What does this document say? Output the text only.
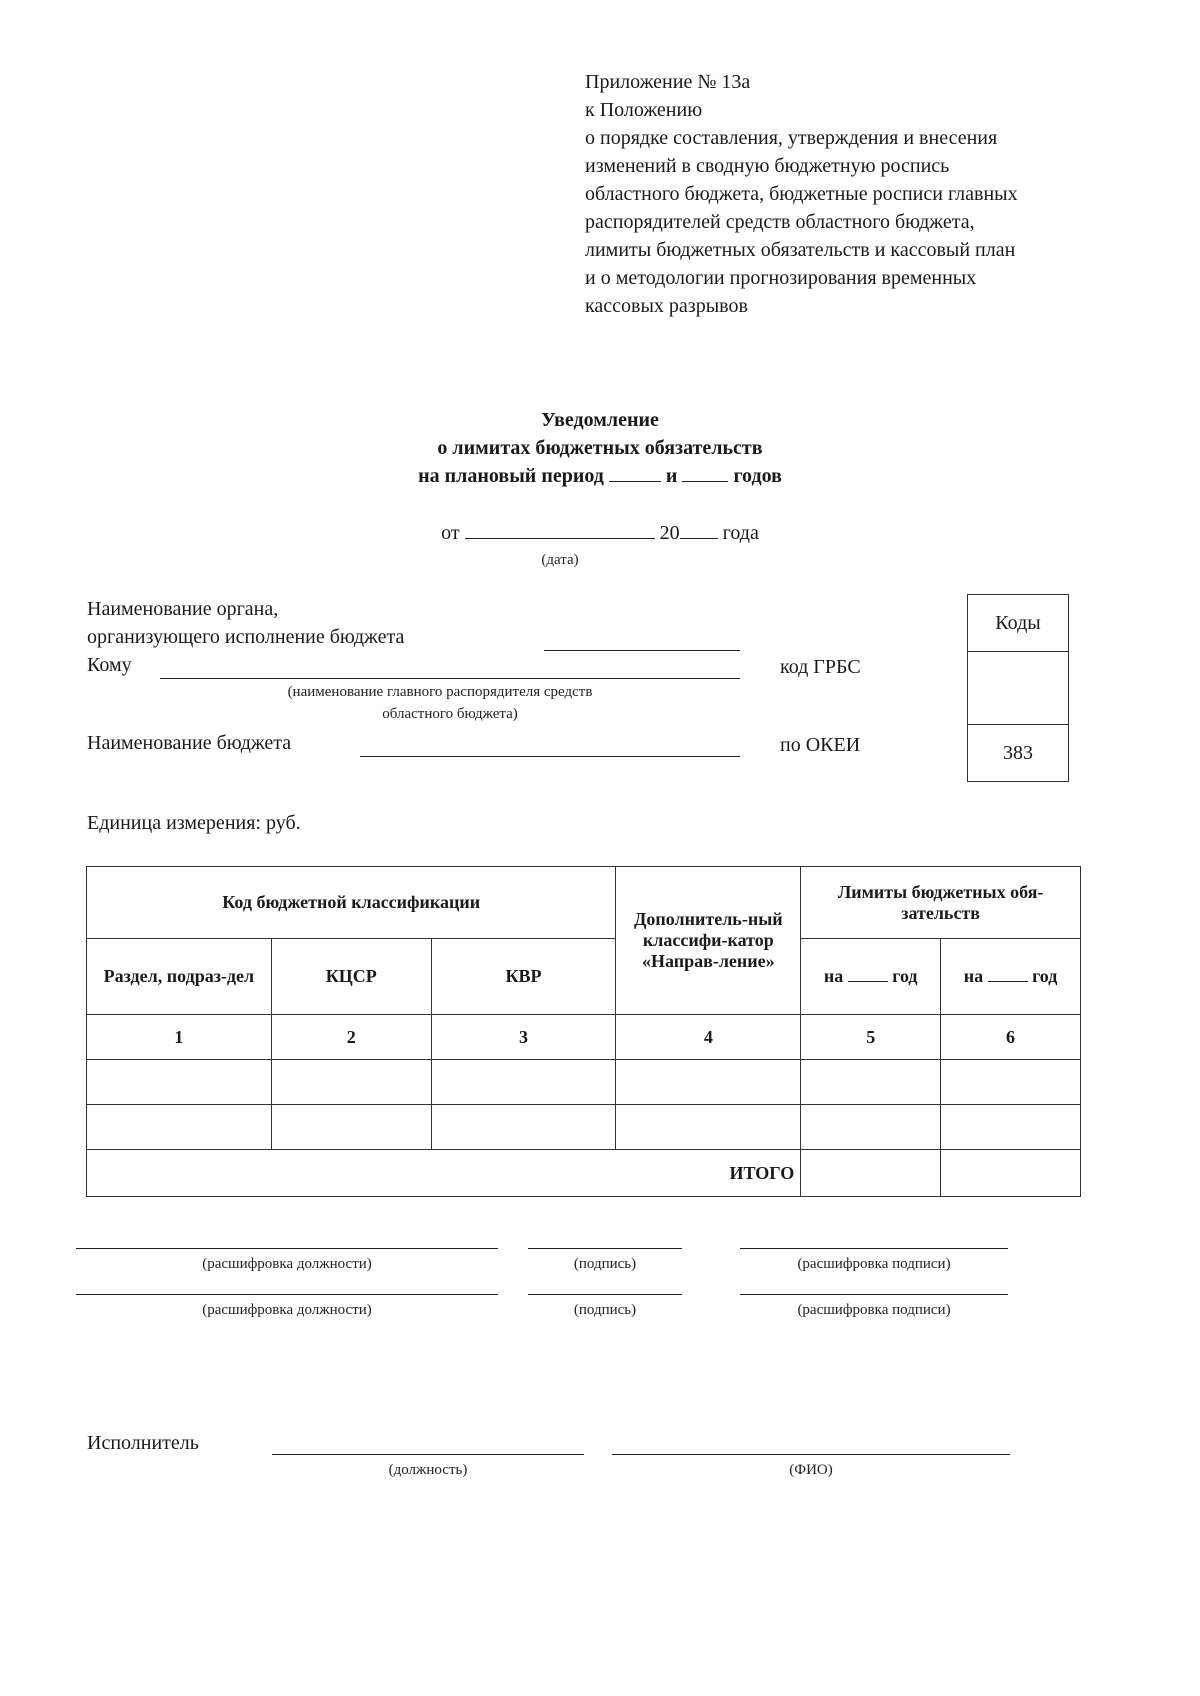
Приложение № 13а
к Положению
о порядке составления, утверждения и внесения
изменений в сводную бюджетную роспись
областного бюджета, бюджетные росписи главных
распорядителей средств областного бюджета,
лимиты бюджетных обязательств и кассовый план
и о методологии прогнозирования временных
кассовых разрывов
Уведомление
о лимитах бюджетных обязательств
на плановый период	и	годов
от	20 года
(дата)
Наименование органа,
организующего исполнение бюджета
Кому	код ГРБС
(наименование главного распорядителя средств
областного бюджета)
Наименование бюджета	по ОКЕИ
Коды
383
Единица измерения: руб.
Код бюджетной классификации			Дополнитель-ный классифи-катор «Направ-ление»	Лимиты бюджетных обя-зательств	
Раздел, подраз-дел	КЦСР	КВР		на год	на год
1	2	3	4	5	6

ИТОГО					
(расшифровка должности)	(подпись)	(расшифровка подписи)
(расшифровка должности)	(подпись)	(расшифровка подписи)
Исполнитель
(должность)	(ФИО)
